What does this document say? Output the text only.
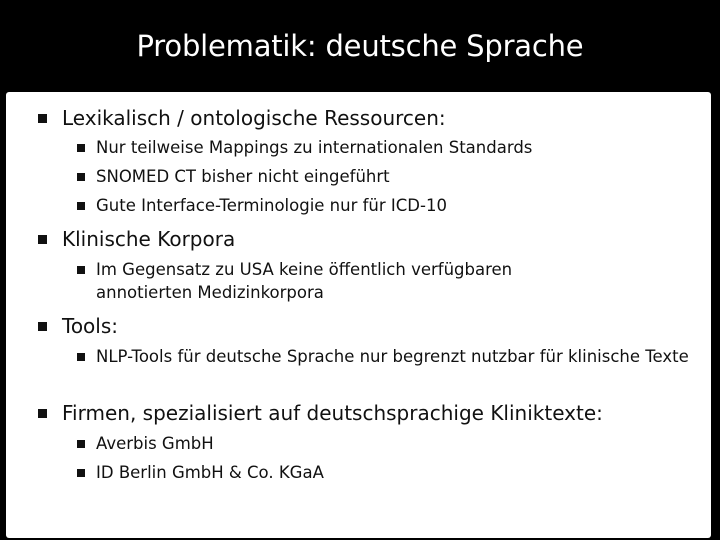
Problematik: deutsche Sprache
Lexikalisch / ontologische Ressourcen:
Nur teilweise Mappings zu internationalen Standards
SNOMED CT bisher nicht eingeführt
Gute Interface-Terminologie nur für ICD-10
Klinische Korpora
Im Gegensatz zu USA keine öffentlich verfügbaren annotierten Medizinkorpora
Tools:
NLP-Tools für deutsche Sprache nur begrenzt nutzbar für klinische Texte
Firmen, spezialisiert auf deutschsprachige Kliniktexte:
Averbis GmbH
ID Berlin GmbH & Co. KGaA
